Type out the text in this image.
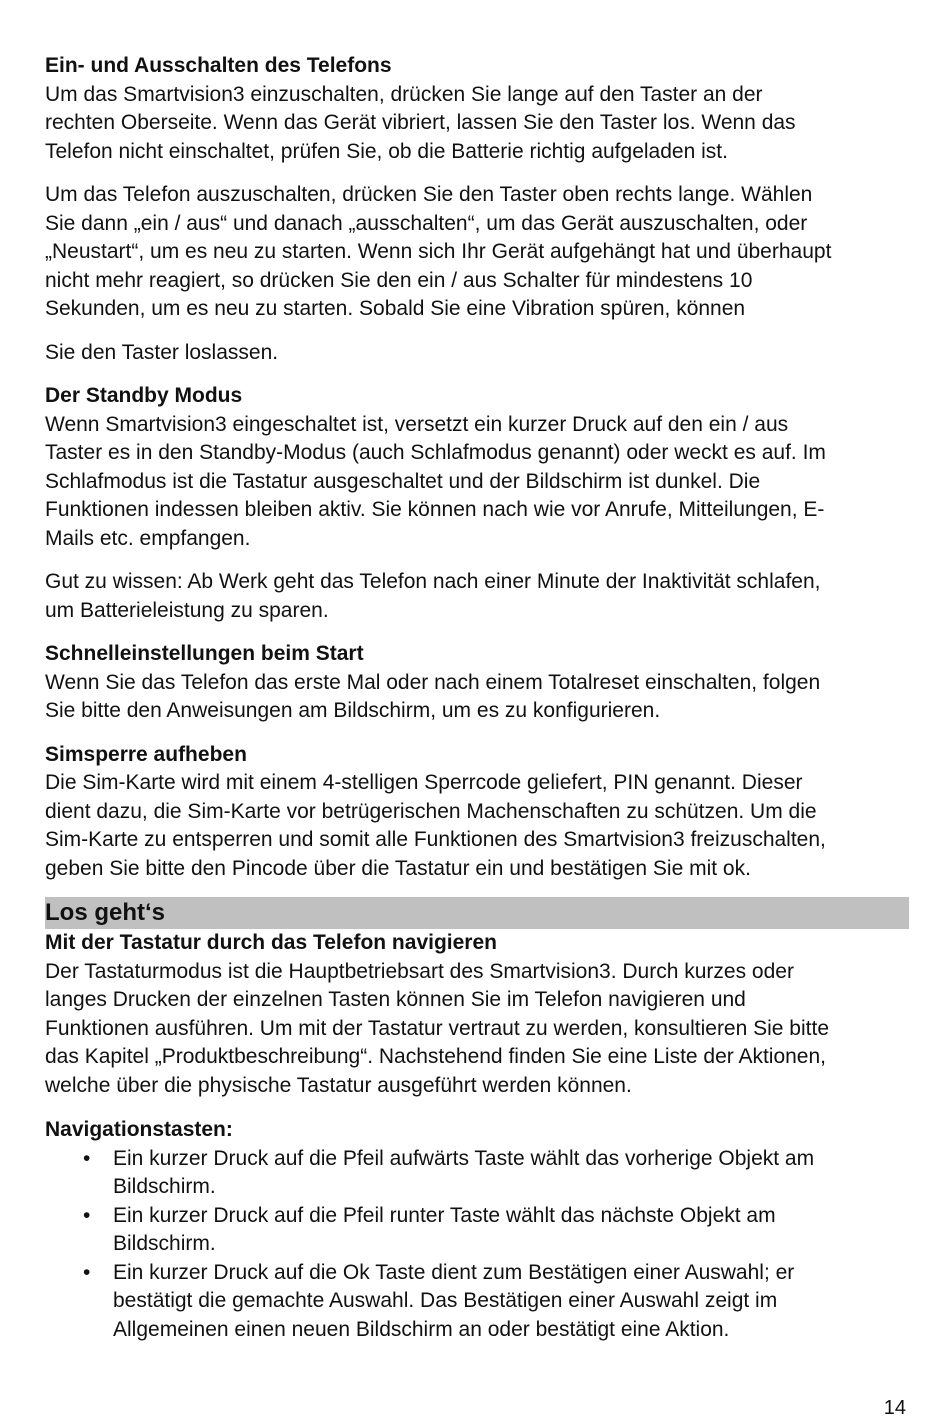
Ein- und Ausschalten des Telefons

Um das Smartvision3 einzuschalten, drücken Sie lange auf den Taster an der
rechten Oberseite. Wenn das Gerät vibriert, lassen Sie den Taster los. Wenn das
Telefon nicht einschaltet, prüfen Sie, ob die Batterie richtig aufgeladen ist.

Um das Telefon auszuschalten, drücken Sie den Taster oben rechts lange. Wählen
Sie dann „ein / aus“ und danach „ausschalten“, um das Gerät auszuschalten, oder
„Neustart“, um es neu zu starten. Wenn sich Ihr Gerät aufgehängt hat und überhaupt
nicht mehr reagiert, so drücken Sie den ein / aus Schalter für mindestens 10
Sekunden, um es neu zu starten. Sobald Sie eine Vibration spüren, können

Sie den Taster loslassen.

Der Standby Modus

Wenn Smartvision3 eingeschaltet ist, versetzt ein kurzer Druck auf den ein / aus
Taster es in den Standby-Modus (auch Schlafmodus genannt) oder weckt es auf. Im
Schlafmodus ist die Tastatur ausgeschaltet und der Bildschirm ist dunkel. Die
Funktionen indessen bleiben aktiv. Sie können nach wie vor Anrufe, Mitteilungen, E-
Mails etc. empfangen.

Gut zu wissen: Ab Werk geht das Telefon nach einer Minute der Inaktivität schlafen,
um Batterieleistung zu sparen.

Schnelleinstellungen beim Start

Wenn Sie das Telefon das erste Mal oder nach einem Totalreset einschalten, folgen
Sie bitte den Anweisungen am Bildschirm, um es zu konfigurieren.

Simsperre aufheben

Die Sim-Karte wird mit einem 4-stelligen Sperrcode geliefert, PIN genannt. Dieser
dient dazu, die Sim-Karte vor betrügerischen Machenschaften zu schützen. Um die
Sim-Karte zu entsperren und somit alle Funktionen des Smartvision3 freizuschalten,
geben Sie bitte den Pincode über die Tastatur ein und bestätigen Sie mit ok.

Los geht‘s

Mit der Tastatur durch das Telefon navigieren

Der Tastaturmodus ist die Hauptbetriebsart des Smartvision3. Durch kurzes oder
langes Drucken der einzelnen Tasten können Sie im Telefon navigieren und
Funktionen ausführen. Um mit der Tastatur vertraut zu werden, konsultieren Sie bitte
das Kapitel „Produktbeschreibung“. Nachstehend finden Sie eine Liste der Aktionen,
welche über die physische Tastatur ausgeführt werden können.

Navigationstasten:

• Ein kurzer Druck auf die Pfeil aufwärts Taste wählt das vorherige Objekt am
Bildschirm.
• Ein kurzer Druck auf die Pfeil runter Taste wählt das nächste Objekt am
Bildschirm.
• Ein kurzer Druck auf die Ok Taste dient zum Bestätigen einer Auswahl; er
bestätigt die gemachte Auswahl. Das Bestätigen einer Auswahl zeigt im
Allgemeinen einen neuen Bildschirm an oder bestätigt eine Aktion.
14
